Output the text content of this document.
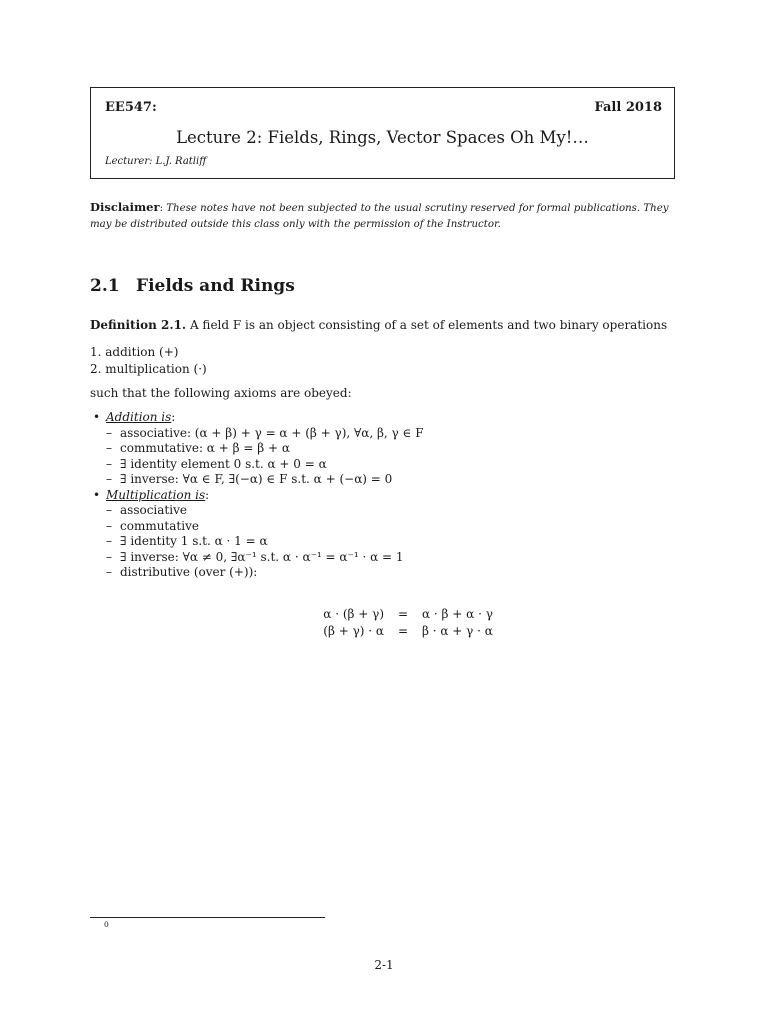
EE547:	Fall 2018
Lecture 2: Fields, Rings, Vector Spaces Oh My!…
Lecturer: L.J. Ratliff
Disclaimer: These notes have not been subjected to the usual scrutiny reserved for formal publications. They may be distributed outside this class only with the permission of the Instructor.
2.1 Fields and Rings
Definition 2.1. A field F is an object consisting of a set of elements and two binary operations
1. addition (+)
2. multiplication (·)
such that the following axioms are obeyed:
• Addition is:
– associative: (α + β) + γ = α + (β + γ), ∀α, β, γ ∈ F
– commutative: α + β = β + α
– ∃ identity element 0 s.t. α + 0 = α
– ∃ inverse: ∀α ∈ F, ∃(−α) ∈ F s.t. α + (−α) = 0
• Multiplication is:
– associative
– commutative
– ∃ identity 1 s.t. α · 1 = α
– ∃ inverse: ∀α ≠ 0, ∃α⁻¹ s.t. α · α⁻¹ = α⁻¹ · α = 1
– distributive (over (+)):
α · (β + γ)	=	α · β + α · γ
(β + γ) · α	=	β · α + γ · α
0
2-1
